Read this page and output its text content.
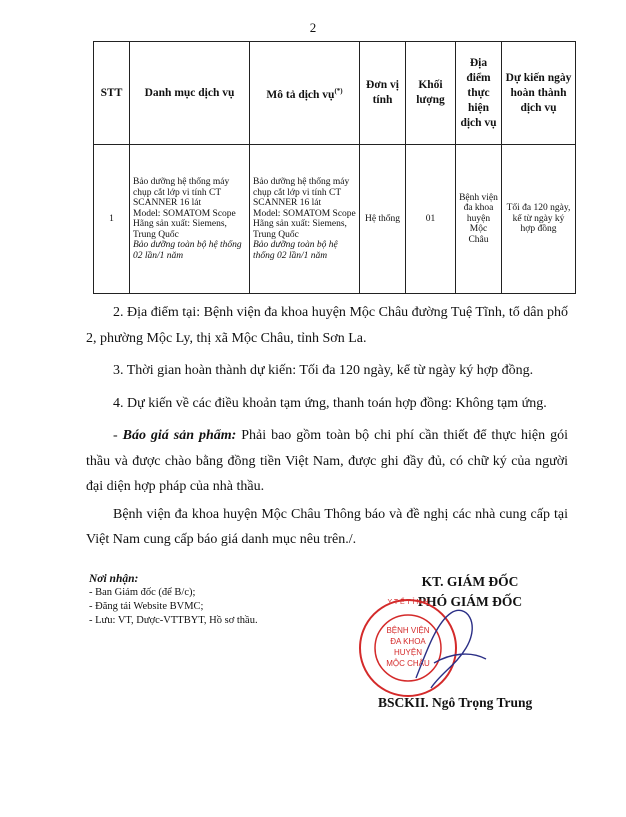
2
STT	Danh mục dịch vụ	Mô tả dịch vụ(*)	Đơn vị tính	Khối lượng	Địa điểm thực hiện dịch vụ	Dự kiến ngày hoàn thành dịch vụ
1	Bảo dưỡng hệ thống máy chụp cắt lớp vi tính CT SCANNER 16 lát
Model: SOMATOM Scope
Hãng sản xuất: Siemens, Trung Quốc
Bảo dưỡng toàn bộ hệ thống 02 lần/1 năm	Bảo dưỡng hệ thống máy chụp cắt lớp vi tính CT SCANNER 16 lát
Model: SOMATOM Scope
Hãng sản xuất: Siemens, Trung Quốc
Bảo dưỡng toàn bộ hệ thống 02 lần/1 năm	Hệ thống	01	Bệnh viện đa khoa huyện Mộc Châu	Tối đa 120 ngày, kể từ ngày ký hợp đồng

2. Địa điểm tại: Bệnh viện đa khoa huyện Mộc Châu đường Tuệ Tĩnh, tổ dân phố 2, phường Mộc Ly, thị xã Mộc Châu, tỉnh Sơn La.

3. Thời gian hoàn thành dự kiến: Tối đa 120 ngày, kể từ ngày ký hợp đồng.

4. Dự kiến về các điều khoản tạm ứng, thanh toán hợp đồng: Không tạm ứng.

- Báo giá sản phẩm: Phải bao gồm toàn bộ chi phí cần thiết để thực hiện gói thầu và được chào bằng đồng tiền Việt Nam, được ghi đầy đủ, có chữ ký của người đại diện hợp pháp của nhà thầu.

Bệnh viện đa khoa huyện Mộc Châu Thông báo và đề nghị các nhà cung cấp tại Việt Nam cung cấp báo giá danh mục nêu trên./.

Nơi nhận:
- Ban Giám đốc (để B/c);
- Đăng tải Website BVMC;
- Lưu: VT, Dược-VTTBYT, Hồ sơ thầu.
KT. GIÁM ĐỐC
PHÓ GIÁM ĐỐC
Y T Ế T Ỉ N H
BỆNH VIỆN
ĐA KHOA
HUYỆN
MỘC CHÂU
BSCKII. Ngô Trọng Trung
